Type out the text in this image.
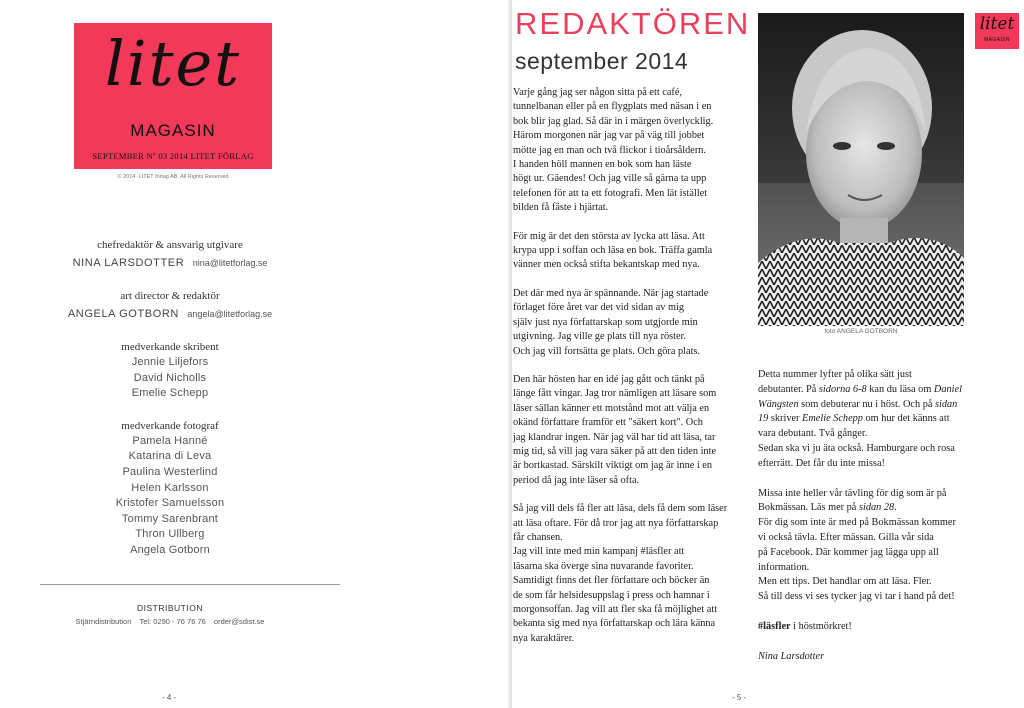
litet
MAGASIN
SEPTEMBER Nº 03 2014 LITET FÖRLAG
© 2014 ·LITET förlag AB. All Rights Reserved
chefredaktör & ansvarig utgivare
NINA LARSDOTTER nina@litetforlag.se
art director & redaktör
ANGELA GOTBORN angela@litetforlag.se
medverkande skribent
Jennie Liljefors
David Nicholls
Emelie Schepp
medverkande fotograf
Pamela Hanné
Katarina di Leva
Paulina Westerlind
Helen Karlsson
Kristofer Samuelsson
Tommy Sarenbrant
Thron Ullberg
Angela Gotborn
DISTRIBUTION
Stjärndistribution Tel: 0290 - 76 76 76 order@sdist.se
- 4 -
REDAKTÖREN
september 2014

Varje gång jag ser någon sitta på ett café,
tunnelbanan eller på en flygplats med näsan i en
bok blir jag glad. Så där in i märgen överlycklig.
Härom morgonen när jag var på väg till jobbet
mötte jag en man och två flickor i tioårsåldern.
I handen höll mannen en bok som han läste
högt ur. Gäendes! Och jag ville så gärna ta upp
telefonen för att ta ett fotografi. Men lät istället
bilden få fäste i hjärtat.

För mig är det den största av lycka att läsa. Att
krypa upp i soffan och läsa en bok. Träffa gamla
vänner men också stifta bekantskap med nya.

Det där med nya är spännande. När jag startade
förlaget före året var det vid sidan av mig
själv just nya författarskap som utgjorde min
utgivning. Jag ville ge plats till nya röster.
Och jag vill fortsätta ge plats. Och göra plats.

Den här hösten har en idé jag gått och tänkt på
länge fått vingar. Jag tror nämligen att läsare som
läser sällan känner ett motstånd mot att välja en
okänd författare framför ett "säkert kort". Och
jag klandrar ingen. När jag väl har tid att läsa, tar
mig tid, så vill jag vara säker på att den tiden inte
är bortkastad. Särskilt viktigt om jag är inne i en
period då jag inte läser så ofta.

Så jag vill dels få fler att läsa, dels få dem som läser
att läsa oftare. För då tror jag att nya författarskap
får chansen.
Jag vill inte med min kampanj #läsfler att
läsarna ska överge sina nuvarande favoriter.
Samtidigt finns det fler författare och böcker än
de som får helsidesuppslag i press och hamnar i
morgonsoffan. Jag vill att fler ska få möjlighet att
bekanta sig med nya författarskap och lära känna
nya karaktärer.

foto ANGELA GOTBORN
litet
MAGASIN

Detta nummer lyfter på olika sätt just
debutanter. På sidorna 6-8 kan du läsa om Daniel
Wängsten som debuterar nu i höst. Och på sidan
19 skriver Emelie Schepp om hur det känns att
vara debutant. Två gånger.
Sedan ska vi ju äta också. Hamburgare och rosa
efterrätt. Det får du inte missa!

Missa inte heller vår tävling för dig som är på
Bokmässan. Läs mer på sidan 28.
För dig som inte är med på Bokmässan kommer
vi också tävla. Efter mässan. Gilla vår sida
på Facebook. Där kommer jag lägga upp all
information.
Men ett tips. Det handlar om att läsa. Fler.
Så till dess vi ses tycker jag vi tar i hand på det!

#läsfler i höstmörkret!

Nina Larsdotter

- 5 -
